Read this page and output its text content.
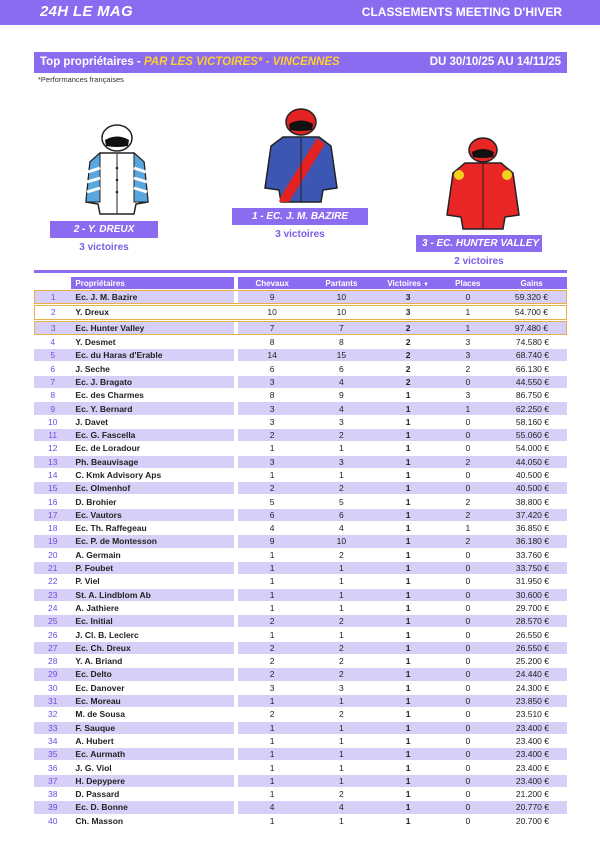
24H LE MAG	CLASSEMENTS MEETING D'HIVER
Top propriétaires - PAR LES VICTOIRES* - VINCENNES	DU 30/10/25 AU 14/11/25
*Performances françaises
2 - Y. DREUX
3 victoires
1 - EC. J. M. BAZIRE
3 victoires
3 - EC. HUNTER VALLEY
2 victoires
	Propriétaires		Chevaux	Partants	Victoires ▼	Places	Gains
1	Ec. J. M. Bazire		9	10	3	0	59.320 €
2	Y. Dreux		10	10	3	1	54.700 €
3	Ec. Hunter Valley		7	7	2	1	97.480 €
4	Y. Desmet		8	8	2	3	74.580 €
5	Ec. du Haras d'Erable		14	15	2	3	68.740 €
6	J. Seche		6	6	2	2	66.130 €
7	Ec. J. Bragato		3	4	2	0	44.550 €
8	Ec. des Charmes		8	9	1	3	86.750 €
9	Ec. Y. Bernard		3	4	1	1	62.250 €
10	J. Davet		3	3	1	0	58.160 €
11	Ec. G. Fascella		2	2	1	0	55.060 €
12	Ec. de Loradour		1	1	1	0	54.000 €
13	Ph. Beauvisage		3	3	1	2	44.050 €
14	C. Kmk Advisory Aps		1	1	1	0	40.500 €
15	Ec. Olmenhof		2	2	1	0	40.500 €
16	D. Brohier		5	5	1	2	38.800 €
17	Ec. Vautors		6	6	1	2	37.420 €
18	Ec. Th. Raffegeau		4	4	1	1	36.850 €
19	Ec. P. de Montesson		9	10	1	2	36.180 €
20	A. Germain		1	2	1	0	33.760 €
21	P. Foubet		1	1	1	0	33.750 €
22	P. Viel		1	1	1	0	31.950 €
23	St. A. Lindblom Ab		1	1	1	0	30.600 €
24	A. Jathiere		1	1	1	0	29.700 €
25	Ec. Initial		2	2	1	0	28.570 €
26	J. Cl. B. Leclerc		1	1	1	0	26.550 €
27	Ec. Ch. Dreux		2	2	1	0	26.550 €
28	Y. A. Briand		2	2	1	0	25.200 €
29	Ec. Delto		2	2	1	0	24.440 €
30	Ec. Danover		3	3	1	0	24.300 €
31	Ec. Moreau		1	1	1	0	23.850 €
32	M. de Sousa		2	2	1	0	23.510 €
33	F. Sauque		1	1	1	0	23.400 €
34	A. Hubert		1	1	1	0	23.400 €
35	Ec. Aurmath		1	1	1	0	23.400 €
36	J. G. Viol		1	1	1	0	23.400 €
37	H. Depypere		1	1	1	0	23.400 €
38	D. Passard		1	2	1	0	21.200 €
39	Ec. D. Bonne		4	4	1	0	20.770 €
40	Ch. Masson		1	1	1	0	20.700 €
